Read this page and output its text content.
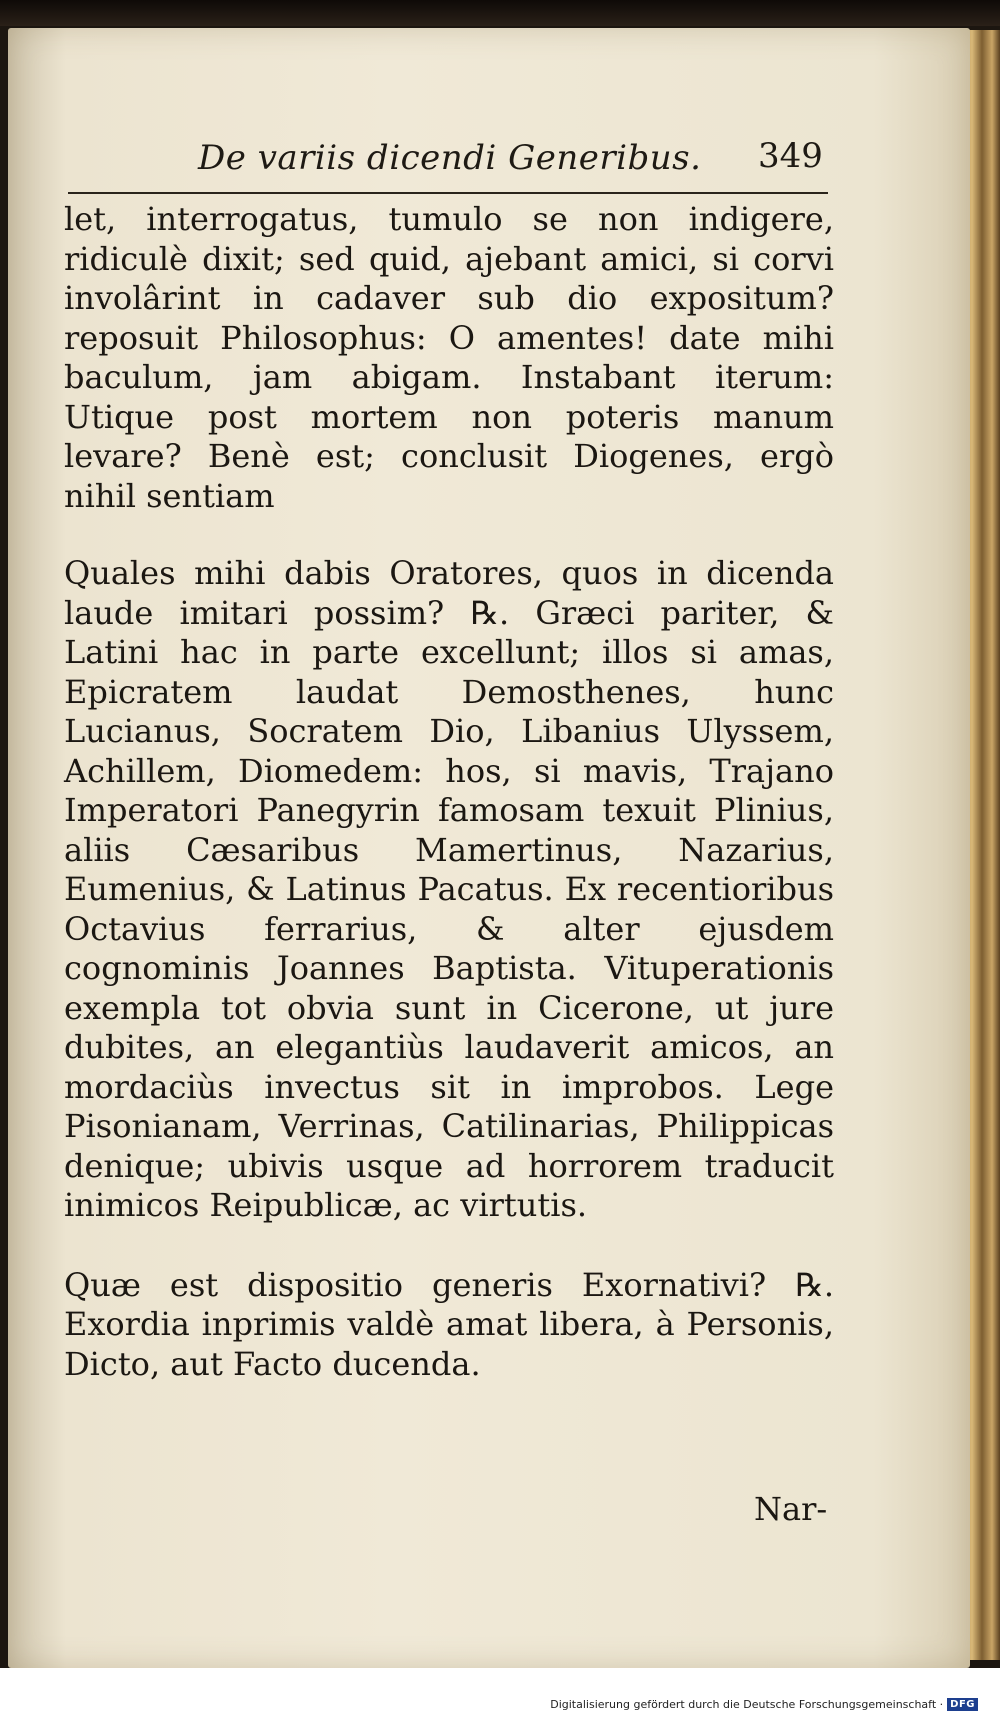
De variis dicendi Generibus. 349

let, interrogatus, tumulo se non indigere, ridiculè dixit; sed quid, ajebant amici, si corvi involârint in cadaver sub dio expositum? reposuit Philosophus: O amentes! date mihi baculum, jam abigam. Instabant iterum: Utique post mortem non poteris manum levare? Benè est; conclusit Diogenes, ergò nihil sentiam

Quales mihi dabis Oratores, quos in dicenda laude imitari possim? ℞. Græci pariter, & Latini hac in parte excellunt; illos si amas, Epicratem laudat Demosthenes, hunc Lucianus, Socratem Dio, Libanius Ulyssem, Achillem, Diomedem: hos, si mavis, Trajano Imperatori Panegyrin famosam texuit Plinius, aliis Cæsaribus Mamertinus, Nazarius, Eumenius, & Latinus Pacatus. Ex recentioribus Octavius ferrarius, & alter ejusdem cognominis Joannes Baptista. Vituperationis exempla tot obvia sunt in Cicerone, ut jure dubites, an elegantiùs laudaverit amicos, an mordaciùs invectus sit in improbos. Lege Pisonianam, Verrinas, Catilinarias, Philippicas denique; ubivis usque ad horrorem traducit inimicos Reipublicæ, ac virtutis.

Quæ est dispositio generis Exornativi? ℞. Exordia inprimis valdè amat libera, à Personis, Dicto, aut Facto ducenda.

Nar-
Digitalisierung gefördert durch die Deutsche Forschungsgemeinschaft · DFG
